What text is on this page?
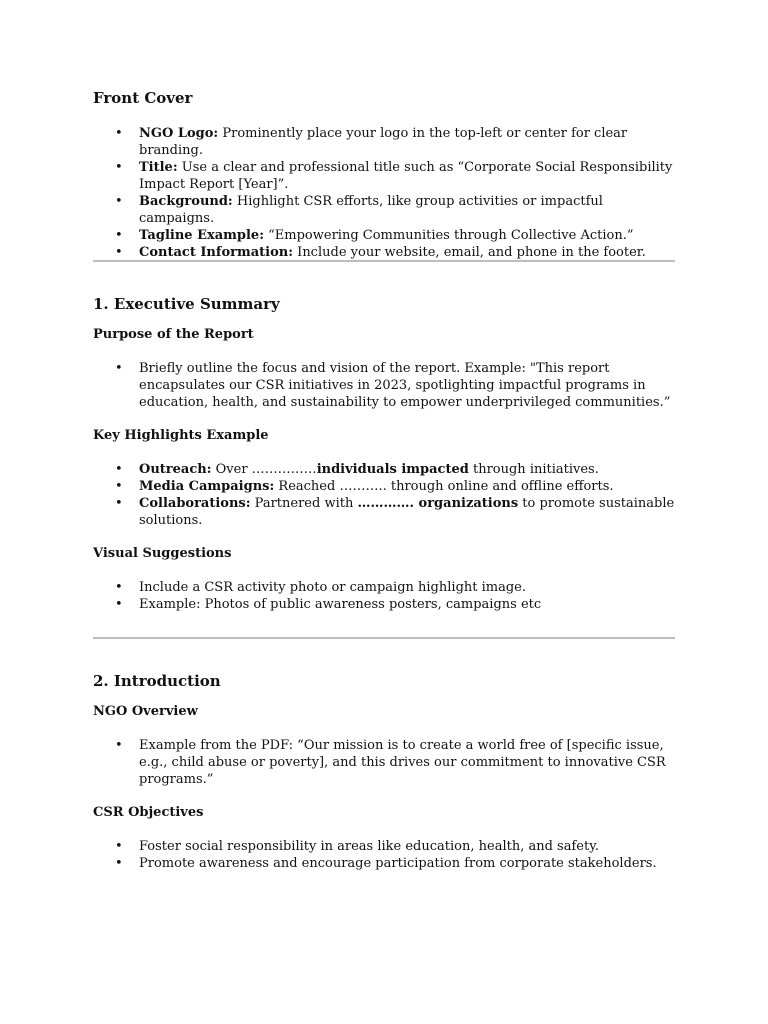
Front Cover
• NGO Logo: Prominently place your logo in the top-left or center for clear branding.
• Title: Use a clear and professional title such as “Corporate Social Responsibility Impact Report [Year]”.
• Background: Highlight CSR efforts, like group activities or impactful campaigns.
• Tagline Example: “Empowering Communities through Collective Action.”
• Contact Information: Include your website, email, and phone in the footer.
1. Executive Summary
Purpose of the Report
• Briefly outline the focus and vision of the report. Example: "This report encapsulates our CSR initiatives in 2023, spotlighting impactful programs in education, health, and sustainability to empower underprivileged communities.”
Key Highlights Example
• Outreach: Over ……………individuals impacted through initiatives.
• Media Campaigns: Reached ……….. through online and offline efforts.
• Collaborations: Partnered with …………. organizations to promote sustainable solutions.
Visual Suggestions
• Include a CSR activity photo or campaign highlight image.
• Example: Photos of public awareness posters, campaigns etc
2. Introduction
NGO Overview
• Example from the PDF: “Our mission is to create a world free of [specific issue, e.g., child abuse or poverty], and this drives our commitment to innovative CSR programs.”
CSR Objectives
• Foster social responsibility in areas like education, health, and safety.
• Promote awareness and encourage participation from corporate stakeholders.
